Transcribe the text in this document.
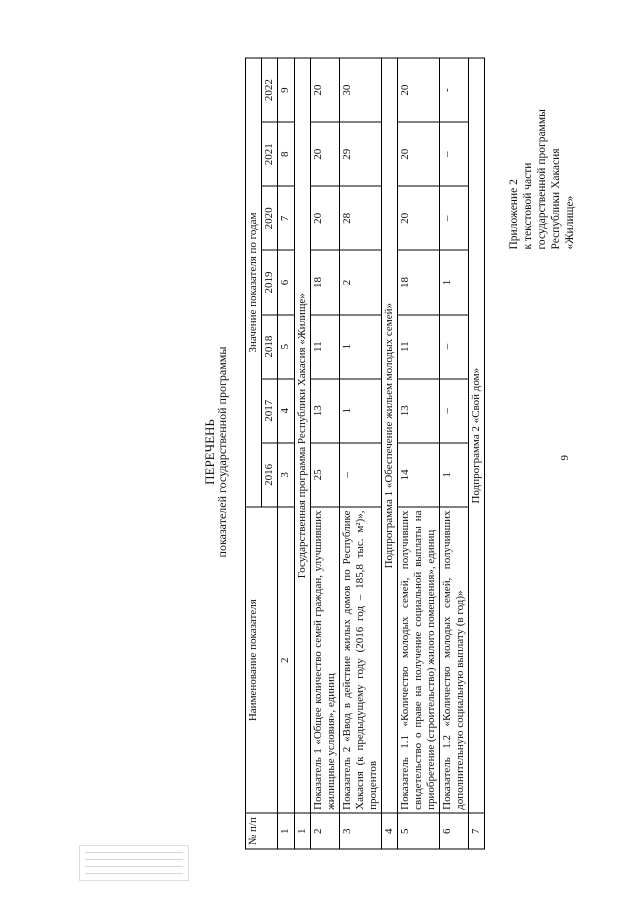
9
Приложение 2 к текстовой части государственной программы Республики Хакасия «Жилище»
ПЕРЕЧЕНЬ
показателей государственной программы
№ п/п	Наименование показателя	Значение показателя по годам						
		2016	2017	2018	2019	2020	2021	2022
1	2	3	4	5	6	7	8	9
1	Государственная программа Республики Хакасия «Жилище»							
2	Показатель 1 «Общее количество семей граждан, улучшивших жилищные условия», единиц	25	13	11	18	20	20	20
3	Показатель 2 «Ввод в действие жилых домов по Республике Хакасия (к предыдущему году (2016 год – 185,8 тыс. м²)», процентов	–	1	1	2	28	29	30
4	Подпрограмма 1 «Обеспечение жильем молодых семей»							
5	Показатель 1.1 «Количество молодых семей, получивших свидетельство о праве на получение социальной выплаты на приобретение (строительство) жилого помещения», единиц	14	13	11	18	20	20	20
6	Показатель 1.2 «Количество молодых семей, получивших дополнительную социальную выплату (в год)»	1	–	–	1	–	–	-
7	Подпрограмма 2 «Свой дом»							
